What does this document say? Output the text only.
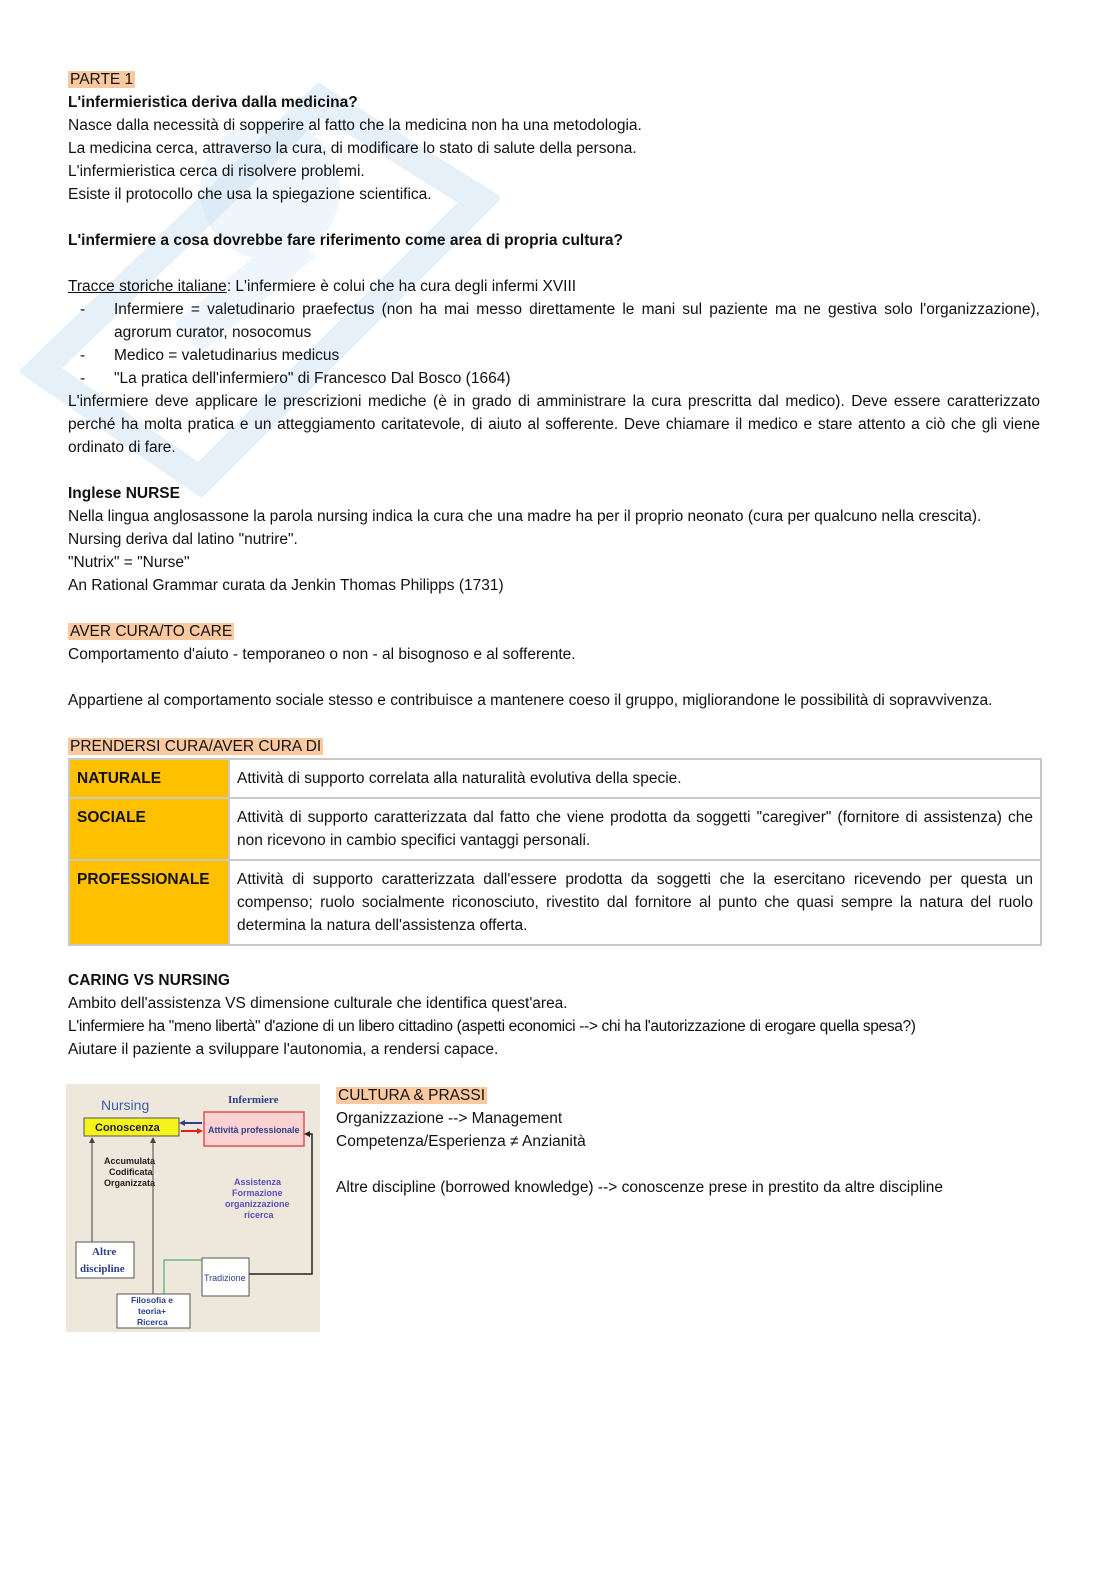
PARTE 1

L'infermieristica deriva dalla medicina?

Nasce dalla necessità di sopperire al fatto che la medicina non ha una metodologia.

La medicina cerca, attraverso la cura, di modificare lo stato di salute della persona.

L'infermieristica cerca di risolvere problemi.

Esiste il protocollo che usa la spiegazione scientifica.

L'infermiere a cosa dovrebbe fare riferimento come area di propria cultura?

Tracce storiche italiane: L'infermiere è colui che ha cura degli infermi XVIII

-	Infermiere = valetudinario praefectus (non ha mai messo direttamente le mani sul paziente ma ne gestiva solo l'organizzazione), agrorum curator, nosocomus
-	Medico = valetudinarius medicus
-	"La pratica dell'infermiero" di Francesco Dal Bosco (1664)

L'infermiere deve applicare le prescrizioni mediche (è in grado di amministrare la cura prescritta dal medico). Deve essere caratterizzato perché ha molta pratica e un atteggiamento caritatevole, di aiuto al sofferente. Deve chiamare il medico e stare attento a ciò che gli viene ordinato di fare.

Inglese NURSE

Nella lingua anglosassone la parola nursing indica la cura che una madre ha per il proprio neonato (cura per qualcuno nella crescita).

Nursing deriva dal latino "nutrire".

"Nutrix" = "Nurse"

An Rational Grammar curata da Jenkin Thomas Philipps (1731)

AVER CURA/TO CARE

Comportamento d'aiuto - temporaneo o non - al bisognoso e al sofferente.

Appartiene al comportamento sociale stesso e contribuisce a mantenere coeso il gruppo, migliorandone le possibilità di sopravvivenza.

PRENDERSI CURA/AVER CURA DI

NATURALE	Attività di supporto correlata alla naturalità evolutiva della specie.
SOCIALE	Attività di supporto caratterizzata dal fatto che viene prodotta da soggetti "caregiver" (fornitore di assistenza) che non ricevono in cambio specifici vantaggi personali.
PROFESSIONALE	Attività di supporto caratterizzata dall'essere prodotta da soggetti che la esercitano ricevendo per questa un compenso; ruolo socialmente riconosciuto, rivestito dal fornitore al punto che quasi sempre la natura del ruolo determina la natura dell'assistenza offerta.

CARING VS NURSING

Ambito dell'assistenza VS dimensione culturale che identifica quest'area.

L'infermiere ha "meno libertà" d'azione di un libero cittadino (aspetti economici --> chi ha l'autorizzazione di erogare quella spesa?)

Aiutare il paziente a sviluppare l'autonomia, a rendersi capace.

Nursing	Infermiere
Conoscenza	Attività professionale
Accumulata
Codificata
Organizzata	Assistenza
Formazione
organizzazione
ricerca
Altre
discipline
Tradizione
Filosofia e
teoria+
Ricerca

CULTURA & PRASSI

Organizzazione --> Management

Competenza/Esperienza ≠ Anzianità

Altre discipline (borrowed knowledge) --> conoscenze prese in prestito da altre discipline
